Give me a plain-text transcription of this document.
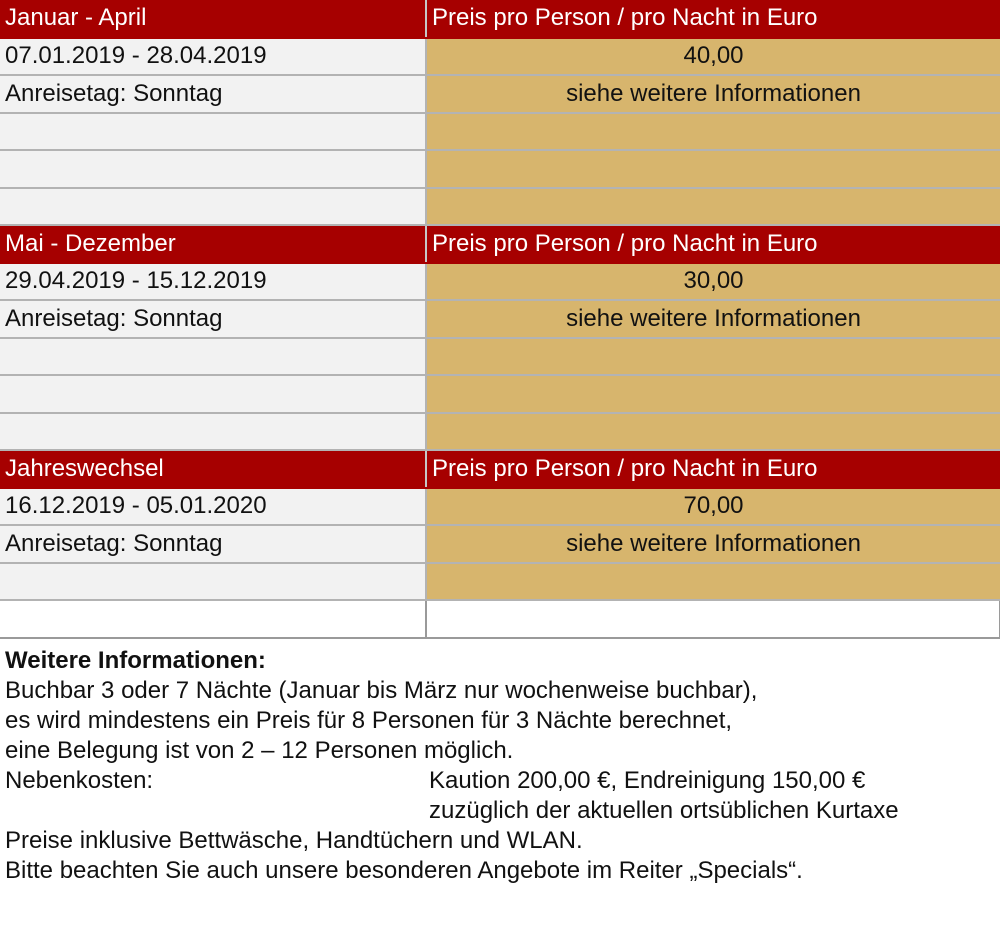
Januar - April	Preis pro Person / pro Nacht in Euro
07.01.2019 - 28.04.2019	40,00
Anreisetag: Sonntag	siehe weitere Informationen

Mai - Dezember	Preis pro Person / pro Nacht in Euro
29.04.2019 - 15.12.2019	30,00
Anreisetag: Sonntag	siehe weitere Informationen

Jahreswechsel	Preis pro Person / pro Nacht in Euro
16.12.2019 - 05.01.2020	70,00
Anreisetag: Sonntag	siehe weitere Informationen

Weitere Informationen:
Buchbar 3 oder 7 Nächte (Januar bis März nur wochenweise buchbar),
es wird mindestens ein Preis für 8 Personen für 3 Nächte berechnet,
eine Belegung ist von 2 – 12 Personen möglich.
Nebenkosten:	Kaution 200,00 €, Endreinigung 150,00 €
zuzüglich der aktuellen ortsüblichen Kurtaxe
Preise inklusive Bettwäsche, Handtüchern und WLAN.
Bitte beachten Sie auch unsere besonderen Angebote im Reiter „Specials“.
